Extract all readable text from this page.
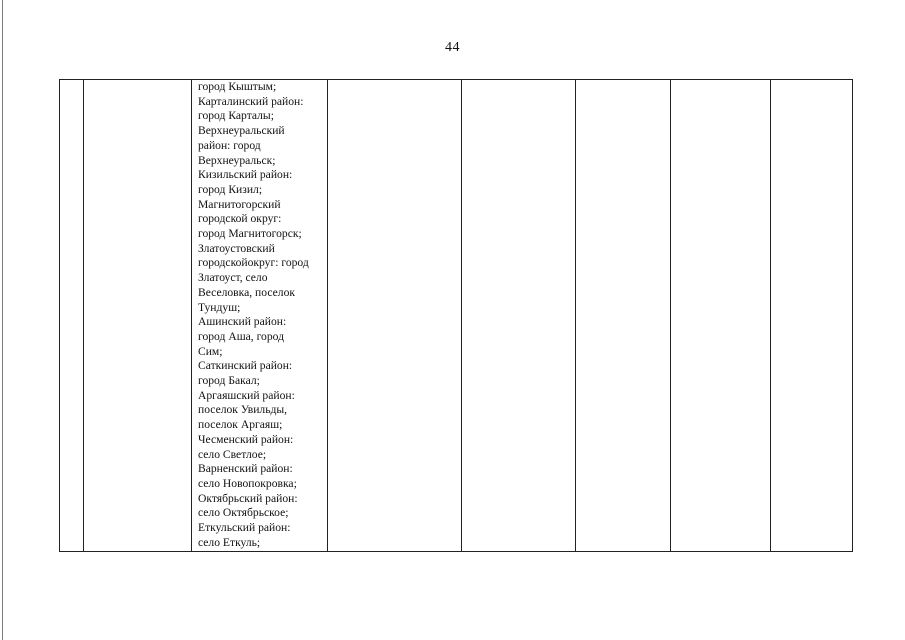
44

город Кыштым;
Карталинский район:
город Карталы;
Верхнеуральский
район: город
Верхнеуральск;
Кизильский район:
город Кизил;
Магнитогорский
городской округ:
город Магнитогорск;
Златоустовский
городскойокруг: город
Златоуст, село
Веселовка, поселок
Тундуш;
Ашинский район:
город Аша, город
Сим;
Саткинский район:
город Бакал;
Аргаяшский район:
поселок Увильды,
поселок Аргаяш;
Чесменский район:
село Светлое;
Варненский район:
село Новопокровка;
Октябрьский район:
село Октябрьское;
Еткульский район:
село Еткуль;
